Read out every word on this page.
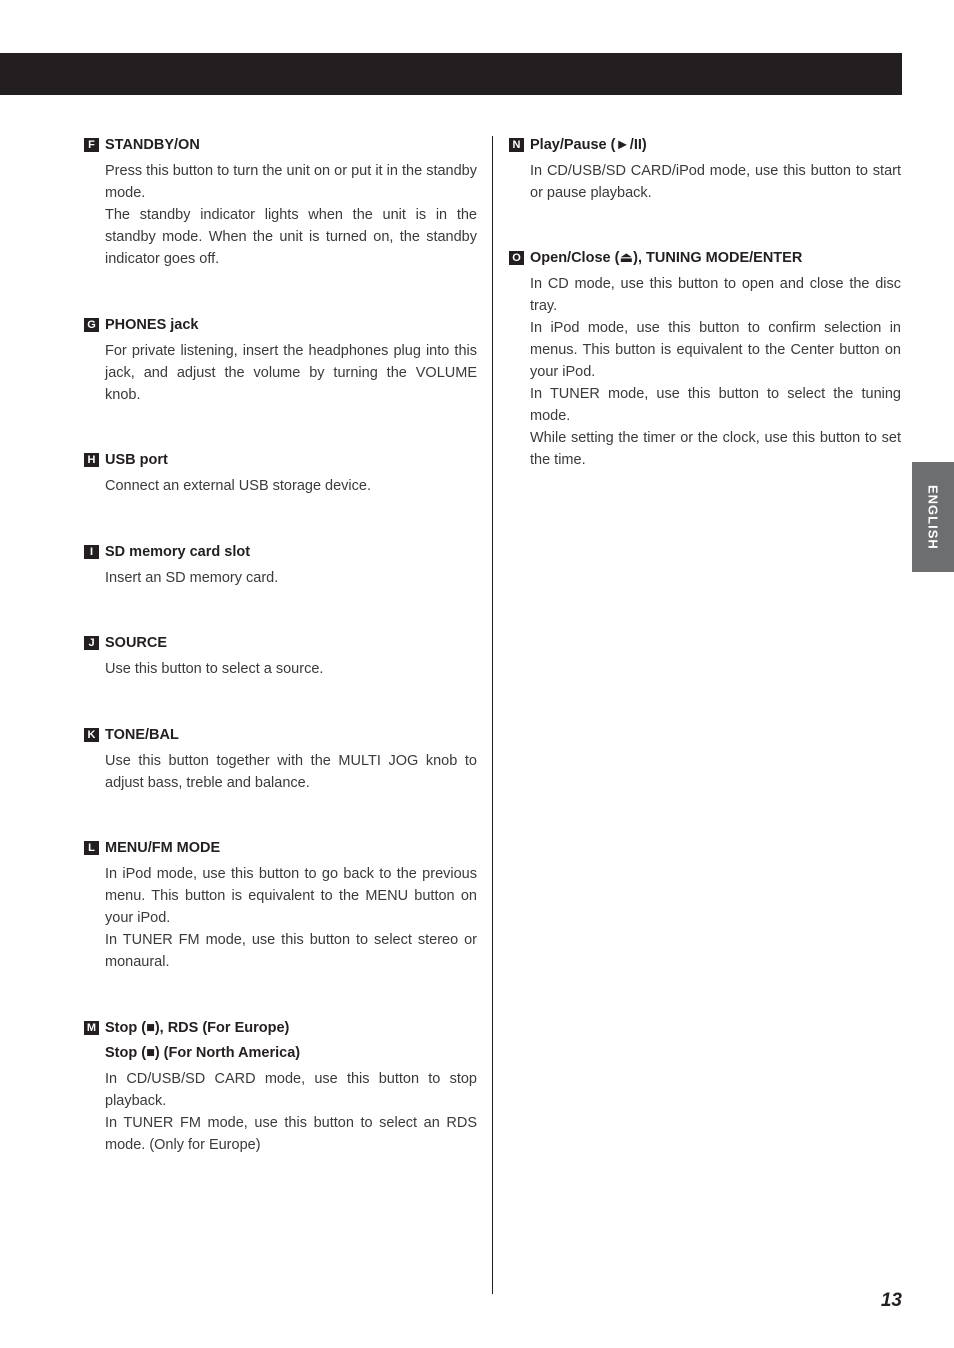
ENGLISH
F STANDBY/ON

Press this button to turn the unit on or put it in the standby mode.

The standby indicator lights when the unit is in the standby mode. When the unit is turned on, the standby indicator goes off.

G PHONES jack

For private listening, insert the headphones plug into this jack, and adjust the volume by turning the VOLUME knob.

H USB port

Connect an external USB storage device.

I SD memory card slot

Insert an SD memory card.

J SOURCE

Use this button to select a source.

K TONE/BAL

Use this button together with the MULTI JOG knob to adjust bass, treble and balance.

L MENU/FM MODE

In iPod mode, use this button to go back to the previous menu. This button is equivalent to the MENU button on your iPod.

In TUNER FM mode, use this button to select stereo or monaural.

M Stop (■), RDS (For Europe)
Stop (■) (For North America)

In CD/USB/SD CARD mode, use this button to stop playback.

In TUNER FM mode, use this button to select an RDS mode. (Only for Europe)

N Play/Pause (►/II)

In CD/USB/SD CARD/iPod mode, use this button to start or pause playback.

O Open/Close (⏏), TUNING MODE/ENTER

In CD mode, use this button to open and close the disc tray.

In iPod mode, use this button to confirm selection in menus. This button is equivalent to the Center button on your iPod.

In TUNER mode, use this button to select the tuning mode.

While setting the timer or the clock, use this button to set the time.

13
